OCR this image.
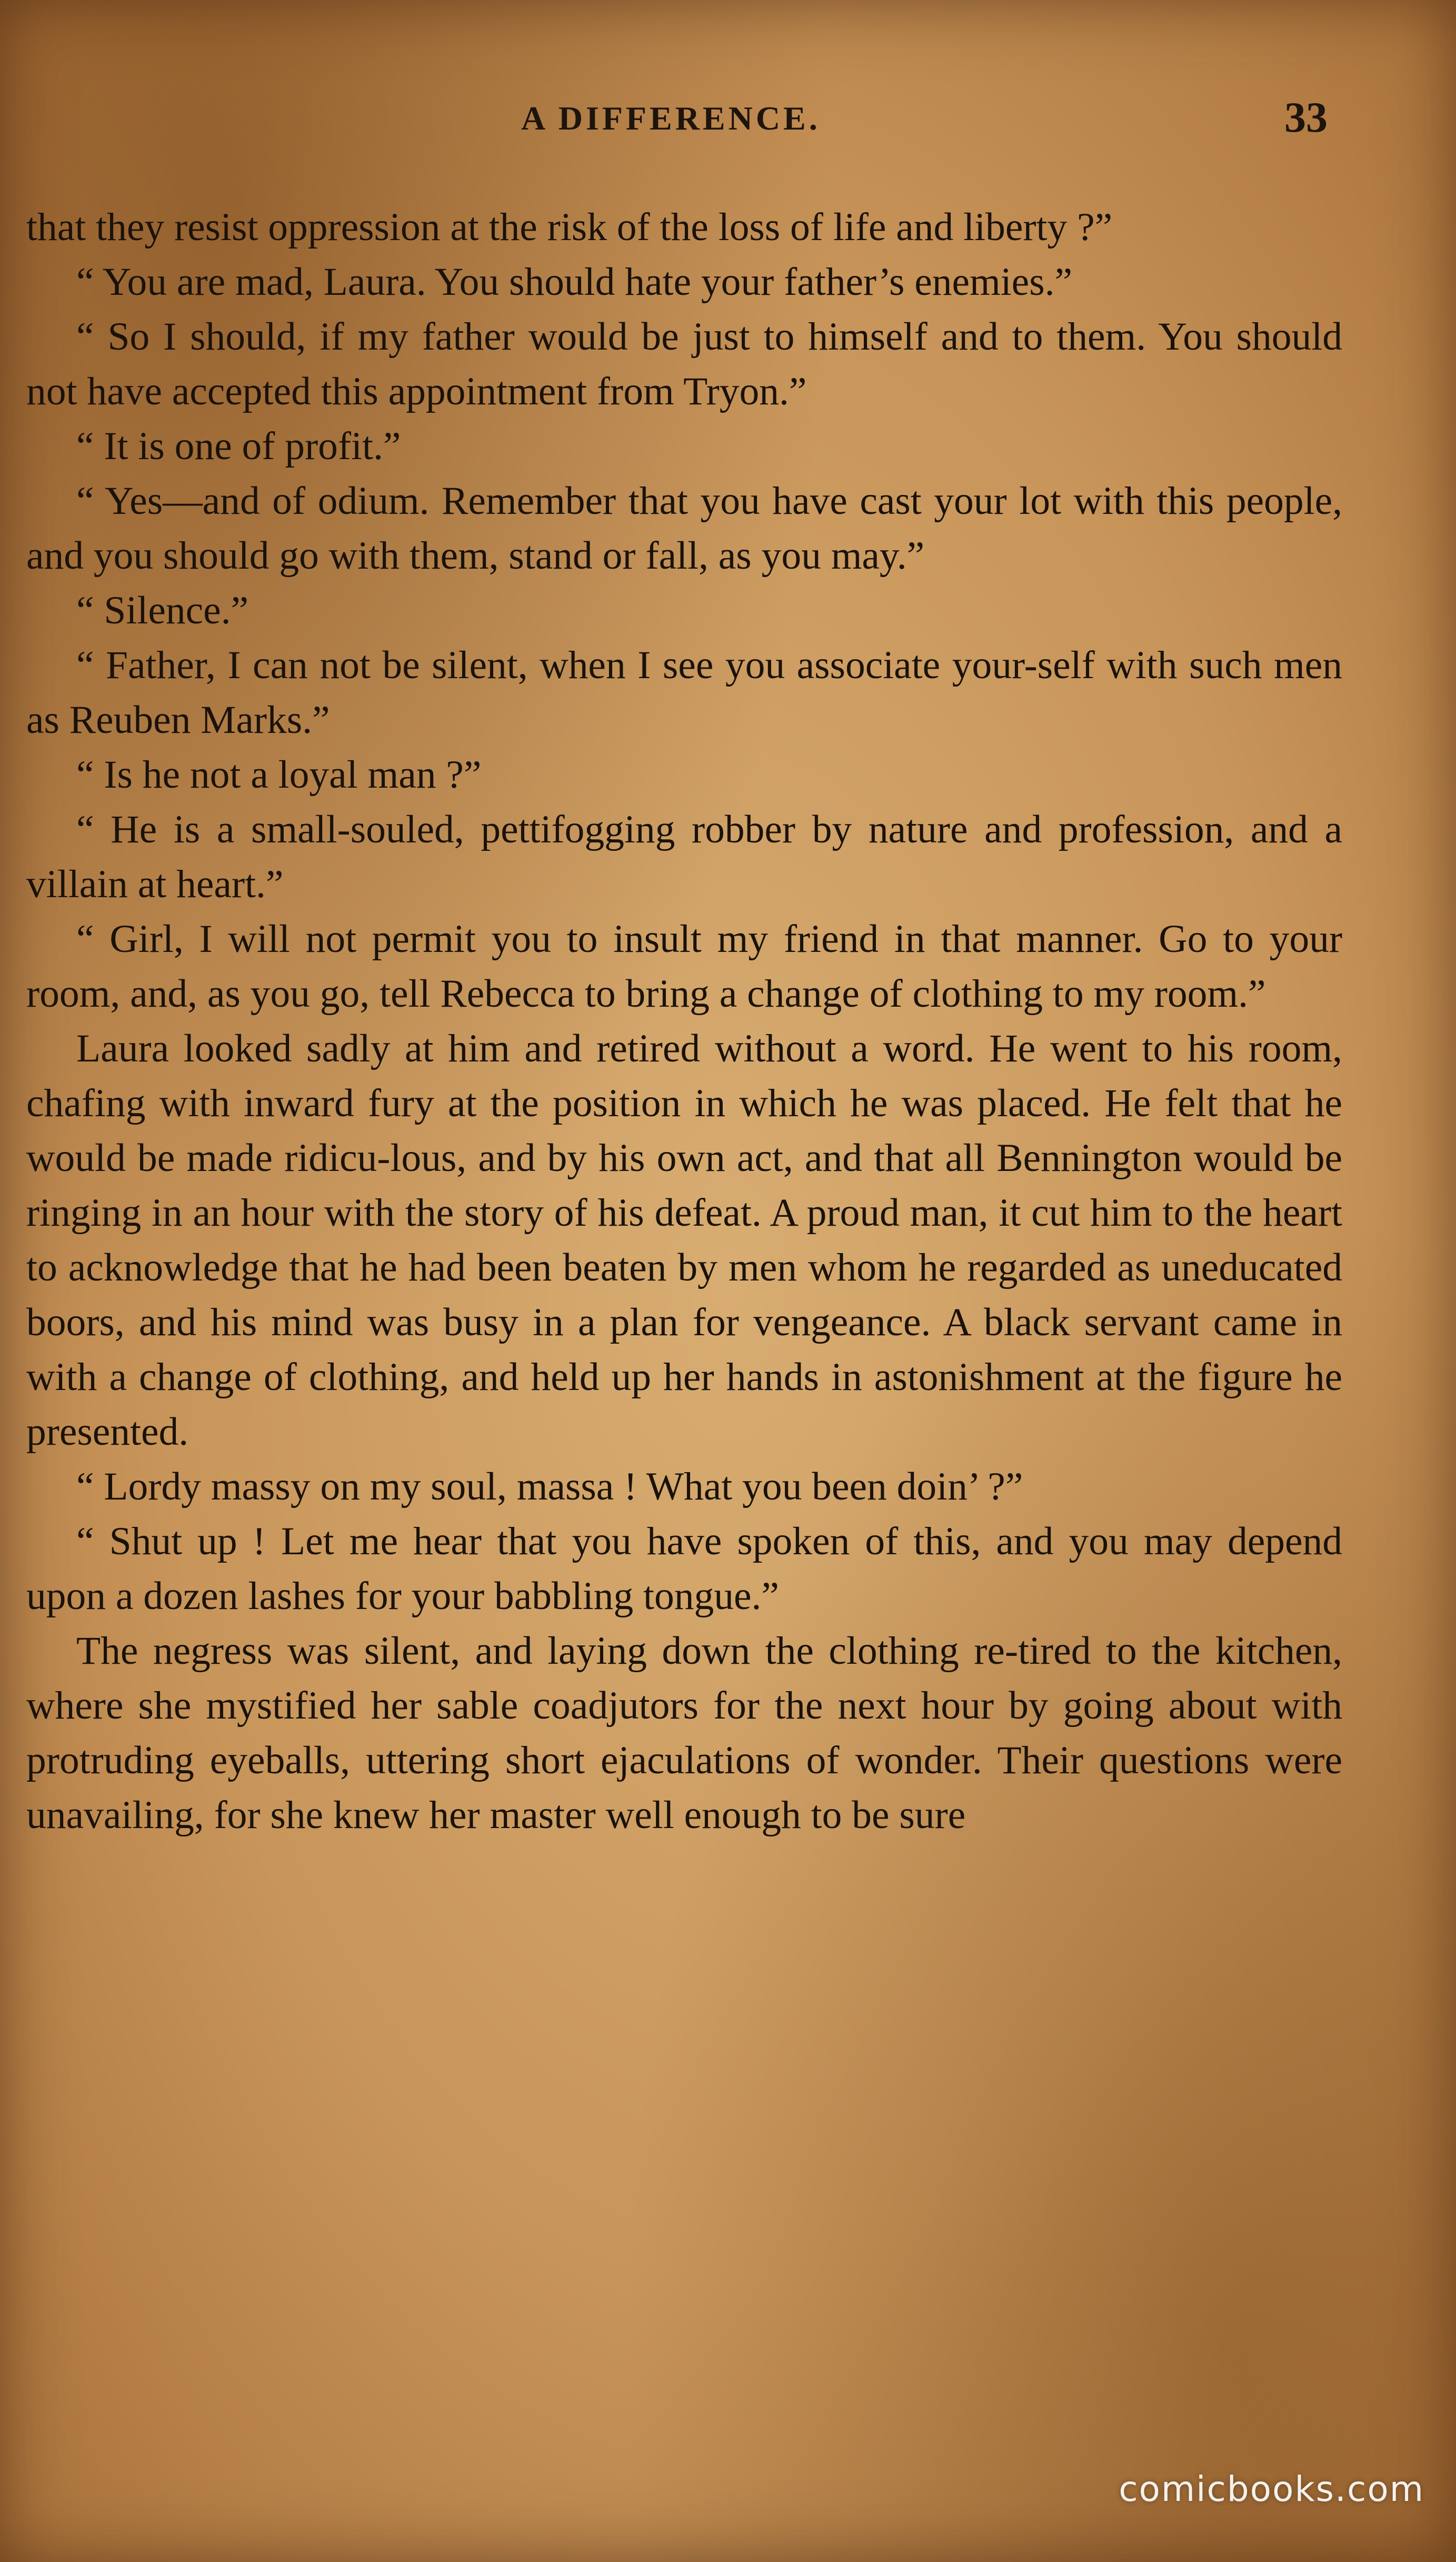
A DIFFERENCE.	33

that they resist oppression at the risk of the loss of life and liberty ?”

“ You are mad, Laura. You should hate your father’s enemies.”

“ So I should, if my father would be just to himself and to them. You should not have accepted this appointment from Tryon.”

“ It is one of profit.”

“ Yes—and of odium. Remember that you have cast your lot with this people, and you should go with them, stand or fall, as you may.”

“ Silence.”

“ Father, I can not be silent, when I see you associate your-self with such men as Reuben Marks.”

“ Is he not a loyal man ?”

“ He is a small-souled, pettifogging robber by nature and profession, and a villain at heart.”

“ Girl, I will not permit you to insult my friend in that manner. Go to your room, and, as you go, tell Rebecca to bring a change of clothing to my room.”

Laura looked sadly at him and retired without a word. He went to his room, chafing with inward fury at the position in which he was placed. He felt that he would be made ridicu-lous, and by his own act, and that all Bennington would be ringing in an hour with the story of his defeat. A proud man, it cut him to the heart to acknowledge that he had been beaten by men whom he regarded as uneducated boors, and his mind was busy in a plan for vengeance. A black servant came in with a change of clothing, and held up her hands in astonishment at the figure he presented.

“ Lordy massy on my soul, massa ! What you been doin’ ?”

“ Shut up ! Let me hear that you have spoken of this, and you may depend upon a dozen lashes for your babbling tongue.”

The negress was silent, and laying down the clothing re-tired to the kitchen, where she mystified her sable coadjutors for the next hour by going about with protruding eyeballs, uttering short ejaculations of wonder. Their questions were unavailing, for she knew her master well enough to be sure

comicbooks.com
